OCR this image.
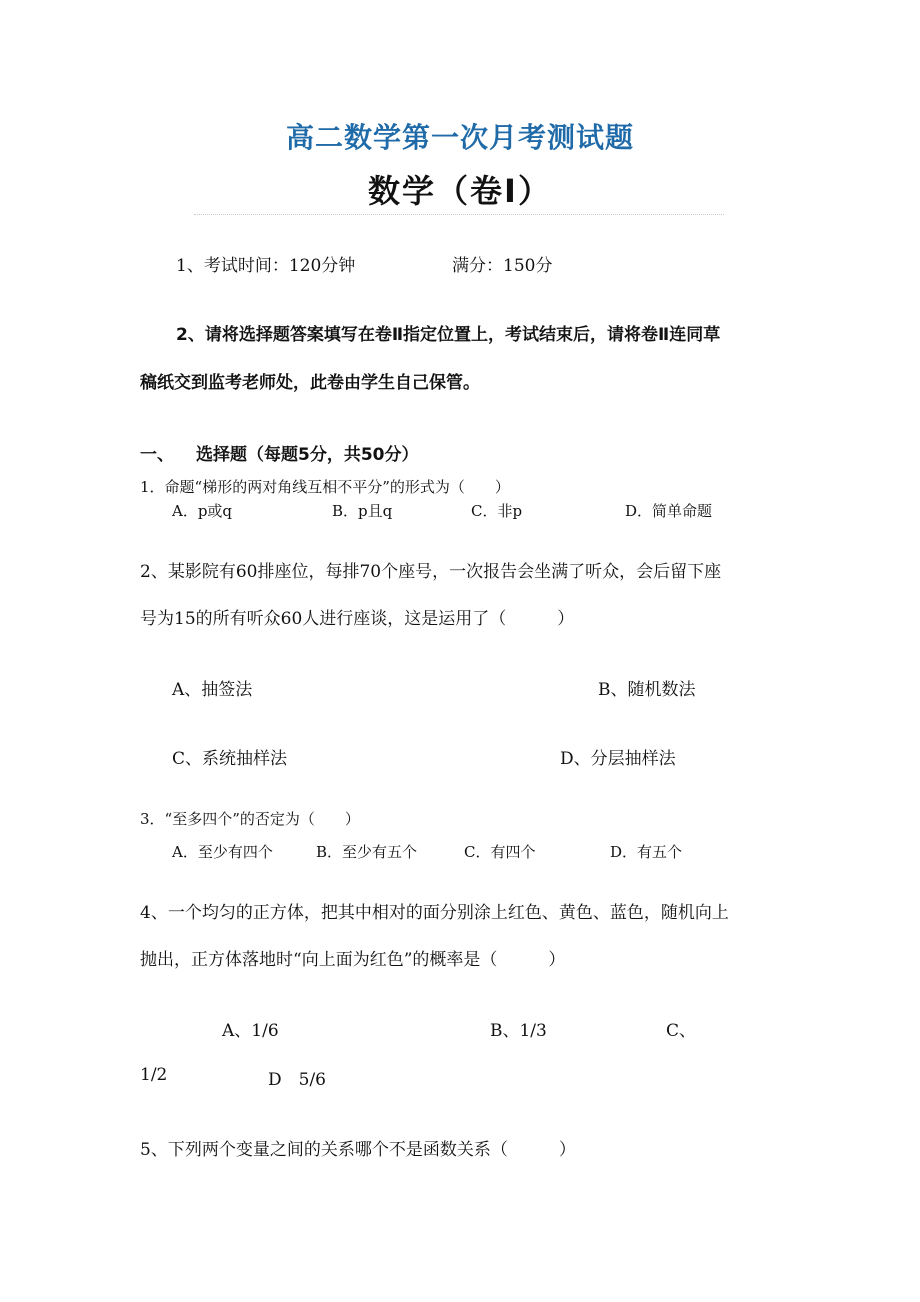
高二数学第一次月考测试题
数学（卷Ⅰ）
1、考试时间：120分钟	满分：150分
2、请将选择题答案填写在卷Ⅱ指定位置上，考试结束后，请将卷Ⅱ连同草
稿纸交到监考老师处，此卷由学生自己保管。
一、 选择题（每题5分，共50分）
1．命题“梯形的两对角线互相不平分”的形式为（　　）
A．p或q	B．p且q	C．非p	D．简单命题
2、某影院有60排座位，每排70个座号，一次报告会坐满了听众，会后留下座
号为15的所有听众60人进行座谈，这是运用了（　　　）
A、抽签法	B、随机数法
C、系统抽样法	D、分层抽样法
3．“至多四个”的否定为（　　）
A．至少有四个	B．至少有五个	C．有四个	D．有五个
4、一个均匀的正方体，把其中相对的面分别涂上红色、黄色、蓝色，随机向上
抛出，正方体落地时“向上面为红色”的概率是（　　　）
A、1/6	B、1/3	C、
1/2	D　5/6
5、下列两个变量之间的关系哪个不是函数关系（　　　）
